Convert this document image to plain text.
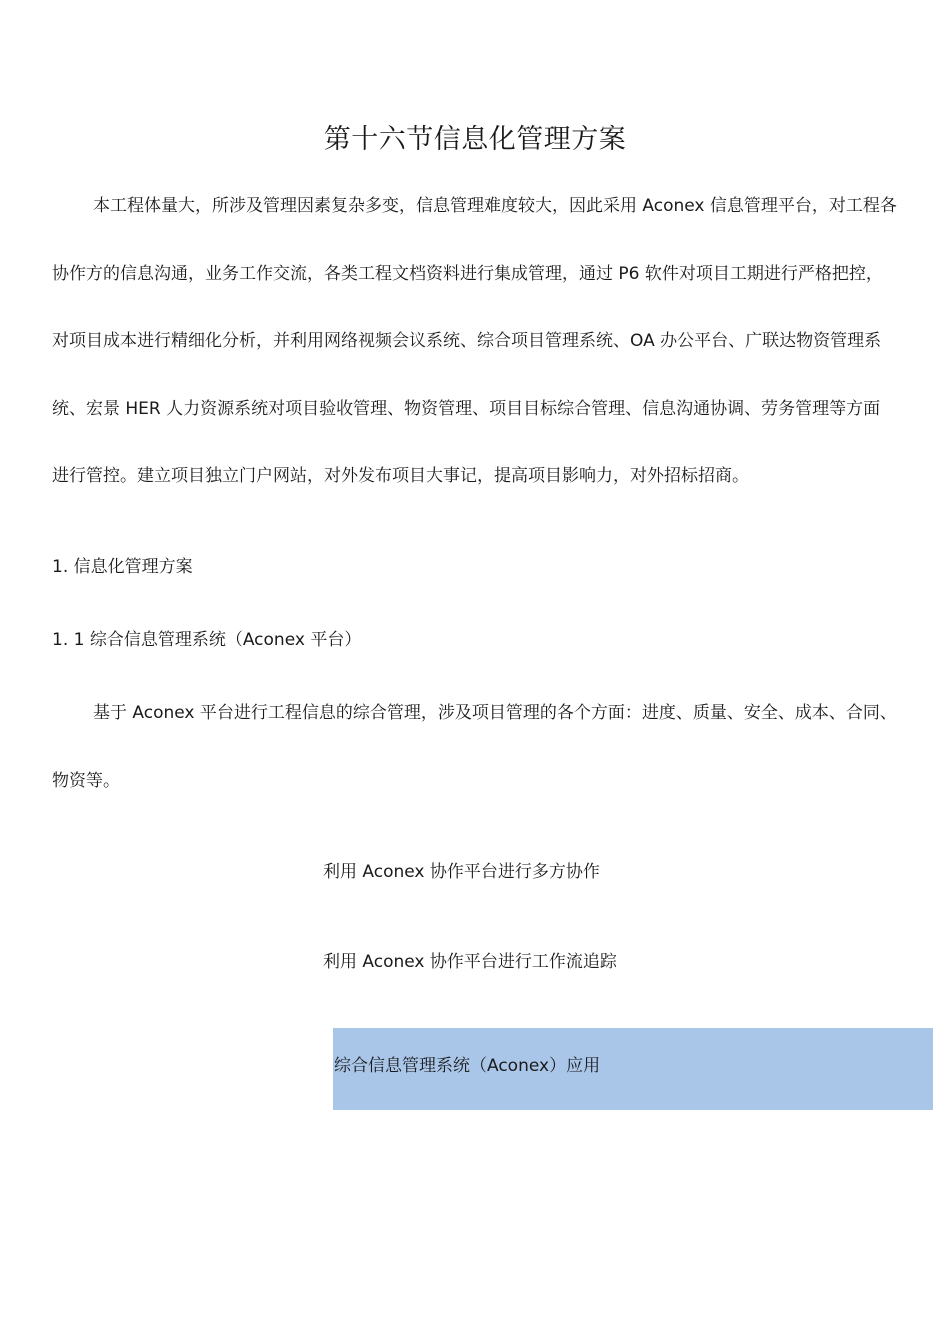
第十六节信息化管理方案
本工程体量大，所涉及管理因素复杂多变，信息管理难度较大，因此采用 Aconex 信息管理平台，对工程各
协作方的信息沟通，业务工作交流，各类工程文档资料进行集成管理，通过 P6 软件对项目工期进行严格把控，
对项目成本进行精细化分析，并利用网络视频会议系统、综合项目管理系统、OA 办公平台、广联达物资管理系
统、宏景 HER 人力资源系统对项目验收管理、物资管理、项目目标综合管理、信息沟通协调、劳务管理等方面
进行管控。建立项目独立门户网站，对外发布项目大事记，提高项目影响力，对外招标招商。
1. 信息化管理方案
1. 1 综合信息管理系统（Aconex 平台）
基于 Aconex 平台进行工程信息的综合管理，涉及项目管理的各个方面：进度、质量、安全、成本、合同、
物资等。
利用 Aconex 协作平台进行多方协作
利用 Aconex 协作平台进行工作流追踪
综合信息管理系统（Aconex）应用
